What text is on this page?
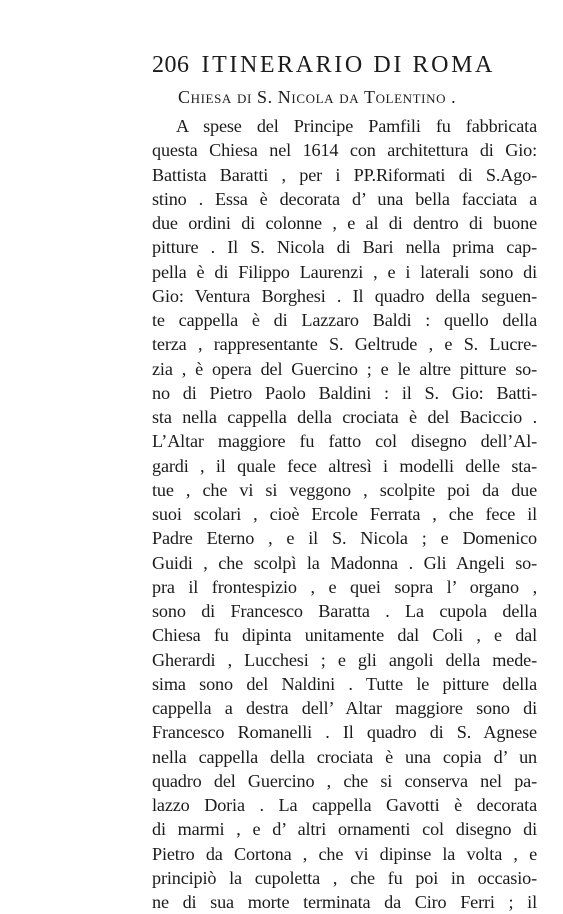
206 ITINERARIO DI ROMA
Chiesa di S. Nicola da Tolentino .
A spese del Principe Pamfili fu fabbricata
questa Chiesa nel 1614 con architettura di Gio:
Battista Baratti , per i PP.Riformati di S.Ago-
stino . Essa è decorata d’ una bella facciata a
due ordini di colonne , e al di dentro di buone
pitture . Il S. Nicola di Bari nella prima cap-
pella è di Filippo Laurenzi , e i laterali sono di
Gio: Ventura Borghesi . Il quadro della seguen-
te cappella è di Lazzaro Baldi : quello della
terza , rappresentante S. Geltrude , e S. Lucre-
zia , è opera del Guercino ; e le altre pitture so-
no di Pietro Paolo Baldini : il S. Gio: Batti-
sta nella cappella della crociata è del Baciccio .
L’Altar maggiore fu fatto col disegno dell’Al-
gardi , il quale fece altresì i modelli delle sta-
tue , che vi si veggono , scolpite poi da due
suoi scolari , cioè Ercole Ferrata , che fece il
Padre Eterno , e il S. Nicola ; e Domenico
Guidi , che scolpì la Madonna . Gli Angeli so-
pra il frontespizio , e quei sopra l’ organo ,
sono di Francesco Baratta . La cupola della
Chiesa fu dipinta unitamente dal Coli , e dal
Gherardi , Lucchesi ; e gli angoli della mede-
sima sono del Naldini . Tutte le pitture della
cappella a destra dell’ Altar maggiore sono di
Francesco Romanelli . Il quadro di S. Agnese
nella cappella della crociata è una copia d’ un
quadro del Guercino , che si conserva nel pa-
lazzo Doria . La cappella Gavotti è decorata
di marmi , e d’ altri ornamenti col disegno di
Pietro da Cortona , che vi dipinse la volta , e
principiò la cupoletta , che fu poi in occasio-
ne di sua morte terminata da Ciro Ferri ; il
